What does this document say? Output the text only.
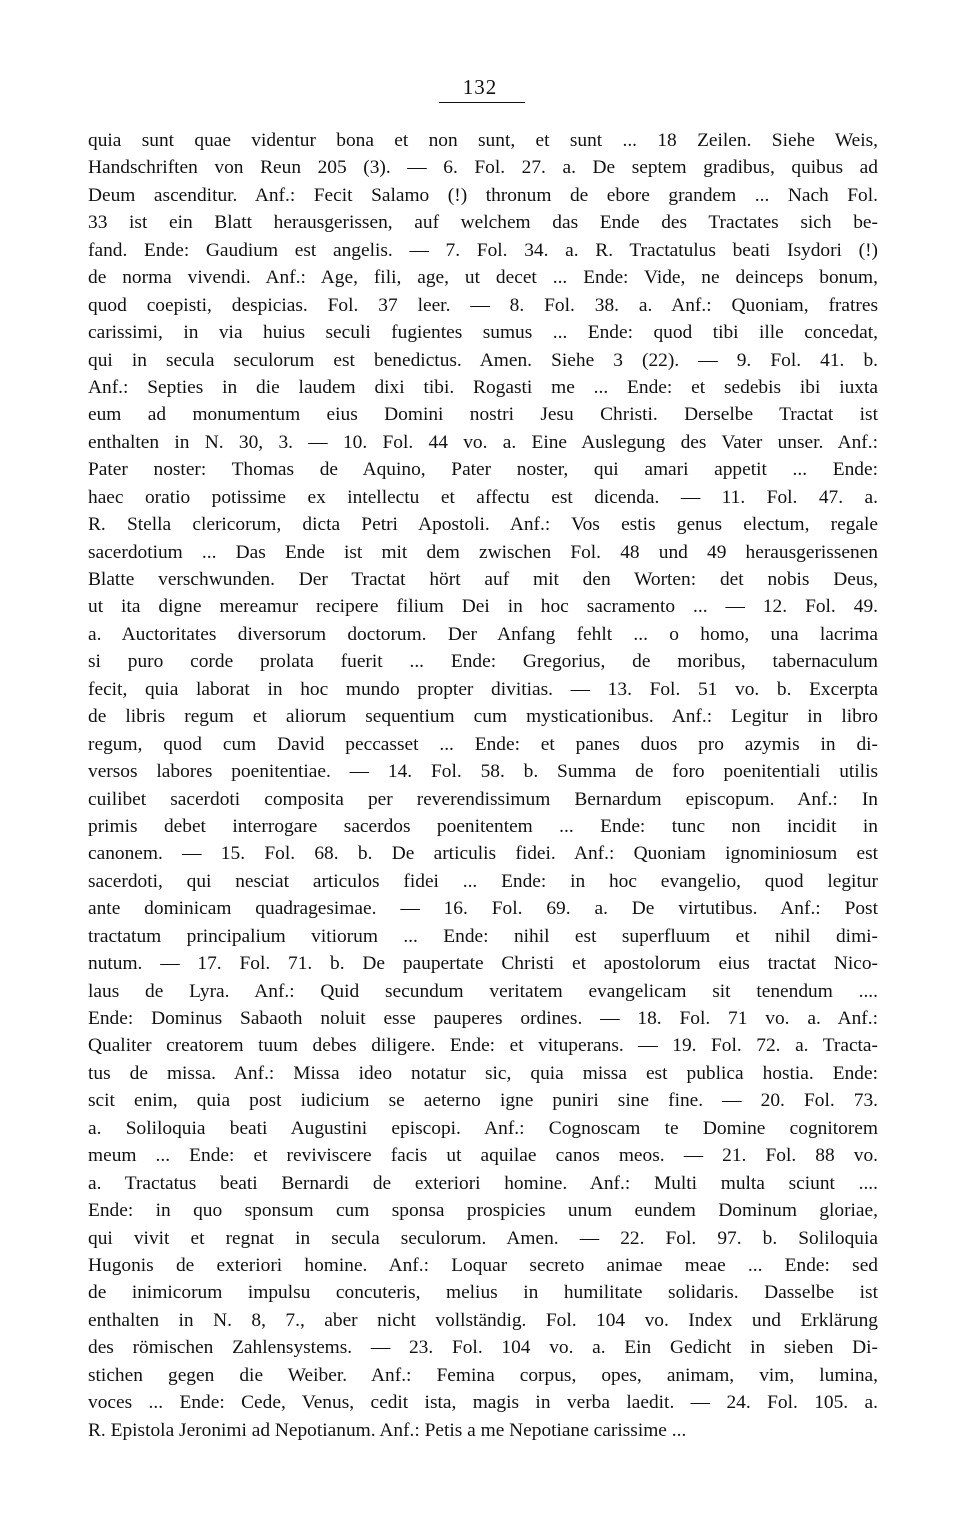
132
quia sunt quae videntur bona et non sunt, et sunt ... 18 Zeilen. Siehe Weis,
Handschriften von Reun 205 (3). — 6. Fol. 27. a. De septem gradibus, quibus ad
Deum ascenditur. Anf.: Fecit Salamo (!) thronum de ebore grandem ... Nach Fol.
33 ist ein Blatt herausgerissen, auf welchem das Ende des Tractates sich be-
fand. Ende: Gaudium est angelis. — 7. Fol. 34. a. R. Tractatulus beati Isydori (!)
de norma vivendi. Anf.: Age, fili, age, ut decet ... Ende: Vide, ne deinceps bonum,
quod coepisti, despicias. Fol. 37 leer. — 8. Fol. 38. a. Anf.: Quoniam, fratres
carissimi, in via huius seculi fugientes sumus ... Ende: quod tibi ille concedat,
qui in secula seculorum est benedictus. Amen. Siehe 3 (22). — 9. Fol. 41. b.
Anf.: Septies in die laudem dixi tibi. Rogasti me ... Ende: et sedebis ibi iuxta
eum ad monumentum eius Domini nostri Jesu Christi. Derselbe Tractat ist
enthalten in N. 30, 3. — 10. Fol. 44 vo. a. Eine Auslegung des Vater unser. Anf.:
Pater noster: Thomas de Aquino, Pater noster, qui amari appetit ... Ende:
haec oratio potissime ex intellectu et affectu est dicenda. — 11. Fol. 47. a.
R. Stella clericorum, dicta Petri Apostoli. Anf.: Vos estis genus electum, regale
sacerdotium ... Das Ende ist mit dem zwischen Fol. 48 und 49 herausgerissenen
Blatte verschwunden. Der Tractat hört auf mit den Worten: det nobis Deus,
ut ita digne mereamur recipere filium Dei in hoc sacramento ... — 12. Fol. 49.
a. Auctoritates diversorum doctorum. Der Anfang fehlt ... o homo, una lacrima
si puro corde prolata fuerit ... Ende: Gregorius, de moribus, tabernaculum
fecit, quia laborat in hoc mundo propter divitias. — 13. Fol. 51 vo. b. Excerpta
de libris regum et aliorum sequentium cum mysticationibus. Anf.: Legitur in libro
regum, quod cum David peccasset ... Ende: et panes duos pro azymis in di-
versos labores poenitentiae. — 14. Fol. 58. b. Summa de foro poenitentiali utilis
cuilibet sacerdoti composita per reverendissimum Bernardum episcopum. Anf.: In
primis debet interrogare sacerdos poenitentem ... Ende: tunc non incidit in
canonem. — 15. Fol. 68. b. De articulis fidei. Anf.: Quoniam ignominiosum est
sacerdoti, qui nesciat articulos fidei ... Ende: in hoc evangelio, quod legitur
ante dominicam quadragesimae. — 16. Fol. 69. a. De virtutibus. Anf.: Post
tractatum principalium vitiorum ... Ende: nihil est superfluum et nihil dimi-
nutum. — 17. Fol. 71. b. De paupertate Christi et apostolorum eius tractat Nico-
laus de Lyra. Anf.: Quid secundum veritatem evangelicam sit tenendum ....
Ende: Dominus Sabaoth noluit esse pauperes ordines. — 18. Fol. 71 vo. a. Anf.:
Qualiter creatorem tuum debes diligere. Ende: et vituperans. — 19. Fol. 72. a. Tracta-
tus de missa. Anf.: Missa ideo notatur sic, quia missa est publica hostia. Ende:
scit enim, quia post iudicium se aeterno igne puniri sine fine. — 20. Fol. 73.
a. Soliloquia beati Augustini episcopi. Anf.: Cognoscam te Domine cognitorem
meum ... Ende: et reviviscere facis ut aquilae canos meos. — 21. Fol. 88 vo.
a. Tractatus beati Bernardi de exteriori homine. Anf.: Multi multa sciunt ....
Ende: in quo sponsum cum sponsa prospicies unum eundem Dominum gloriae,
qui vivit et regnat in secula seculorum. Amen. — 22. Fol. 97. b. Soliloquia
Hugonis de exteriori homine. Anf.: Loquar secreto animae meae ... Ende: sed
de inimicorum impulsu concuteris, melius in humilitate solidaris. Dasselbe ist
enthalten in N. 8, 7., aber nicht vollständig. Fol. 104 vo. Index und Erklärung
des römischen Zahlensystems. — 23. Fol. 104 vo. a. Ein Gedicht in sieben Di-
stichen gegen die Weiber. Anf.: Femina corpus, opes, animam, vim, lumina,
voces ... Ende: Cede, Venus, cedit ista, magis in verba laedit. — 24. Fol. 105. a.
R. Epistola Jeronimi ad Nepotianum. Anf.: Petis a me Nepotiane carissime ...
